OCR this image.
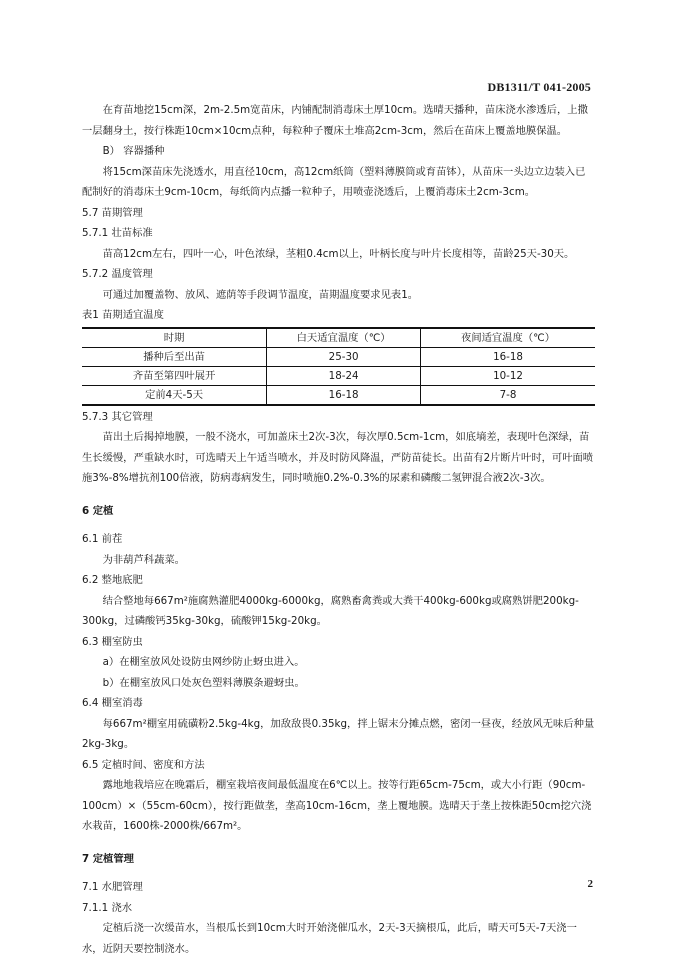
DB1311/T 041-2005

在育苗地挖15cm深，2m-2.5m宽苗床，内铺配制消毒床土厚10cm。选晴天播种，苗床浇水渗透后，上撒一层翻身土，按行株距10cm×10cm点种，每粒种子覆床土堆高2cm-3cm，然后在苗床上覆盖地膜保温。

B） 容器播种

将15cm深苗床先浇透水，用直径10cm，高12cm纸筒（塑料薄膜筒或育苗钵），从苗床一头边立边装入已配制好的消毒床土9cm-10cm，每纸筒内点播一粒种子，用喷壶浇透后，上覆消毒床土2cm-3cm。

5.7 苗期管理

5.7.1 壮苗标准

苗高12cm左右，四叶一心，叶色浓绿，茎粗0.4cm以上，叶柄长度与叶片长度相等，苗龄25天-30天。

5.7.2 温度管理

可通过加覆盖物、放风、遮荫等手段调节温度，苗期温度要求见表1。

表1 苗期适宜温度

时期	白天适宜温度（℃）	夜间适宜温度（℃）
播种后至出苗	25-30	16-18
齐苗至第四叶展开	18-24	10-12
定前4天-5天	16-18	7-8

5.7.3 其它管理

苗出土后揭掉地膜，一般不浇水，可加盖床土2次-3次，每次厚0.5cm-1cm，如底墒差，表现叶色深绿，苗生长缓慢，严重缺水时，可选晴天上午适当喷水，并及时防风降温，严防苗徒长。出苗有2片断片叶时，可叶面喷施3%-8%增抗剂100倍液，防病毒病发生，同时喷施0.2%-0.3%的尿素和磷酸二氢钾混合液2次-3次。

6 定植

6.1 前茬

为非葫芦科蔬菜。

6.2 整地底肥

结合整地每667m²施腐熟灌肥4000kg-6000kg，腐熟畜禽粪或大粪干400kg-600kg或腐熟饼肥200kg-300kg，过磷酸钙35kg-30kg，硫酸钾15kg-20kg。

6.3 棚室防虫

a）在棚室放风处设防虫网纱防止蚜虫进入。

b）在棚室放风口处灰色塑料薄膜条避蚜虫。

6.4 棚室消毒

每667m²棚室用硫磺粉2.5kg-4kg，加敌敌畏0.35kg，拌上锯末分摊点燃，密闭一昼夜，经放风无味后种量2kg-3kg。

6.5 定植时间、密度和方法

露地地栽培应在晚霜后，棚室栽培夜间最低温度在6℃以上。按等行距65cm-75cm，或大小行距（90cm-100cm）×（55cm-60cm），按行距做垄，垄高10cm-16cm，垄上覆地膜。选晴天于垄上按株距50cm挖穴浇水栽苗，1600株-2000株/667m²。

7 定植管理

7.1 水肥管理

7.1.1 浇水

定植后浇一次缓苗水，当根瓜长到10cm大时开始浇催瓜水，2天-3天摘根瓜，此后，晴天可5天-7天浇一水，近阴天要控制浇水。

2
